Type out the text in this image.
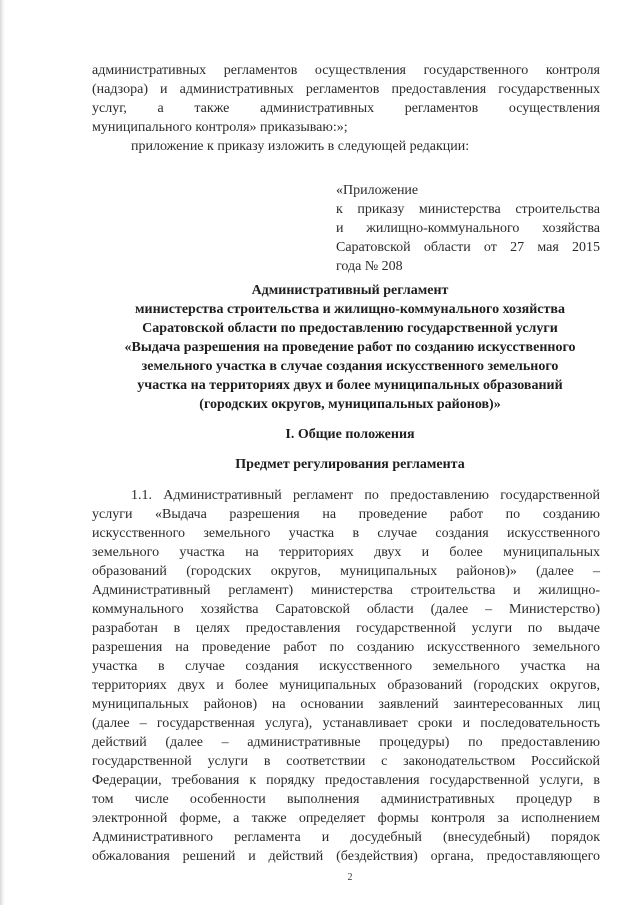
административных регламентов осуществления государственного контроля
(надзора) и административных регламентов предоставления государственных
услуг, а также административных регламентов осуществления
муниципального контроля» приказываю:»;
приложение к приказу изложить в следующей редакции:
«Приложение
к приказу министерства строительства
и жилищно-коммунального хозяйства
Саратовской области от 27 мая 2015
года № 208
Административный регламент
министерства строительства и жилищно-коммунального хозяйства
Саратовской области по предоставлению государственной услуги
«Выдача разрешения на проведение работ по созданию искусственного
земельного участка в случае создания искусственного земельного
участка на территориях двух и более муниципальных образований
(городских округов, муниципальных районов)»
I. Общие положения
Предмет регулирования регламента
1.1. Административный регламент по предоставлению государственной
услуги «Выдача разрешения на проведение работ по созданию
искусственного земельного участка в случае создания искусственного
земельного участка на территориях двух и более муниципальных
образований (городских округов, муниципальных районов)» (далее –
Административный регламент) министерства строительства и жилищно-
коммунального хозяйства Саратовской области (далее – Министерство)
разработан в целях предоставления государственной услуги по выдаче
разрешения на проведение работ по созданию искусственного земельного
участка в случае создания искусственного земельного участка на
территориях двух и более муниципальных образований (городских округов,
муниципальных районов) на основании заявлений заинтересованных лиц
(далее – государственная услуга), устанавливает сроки и последовательность
действий (далее – административные процедуры) по предоставлению
государственной услуги в соответствии с законодательством Российской
Федерации, требования к порядку предоставления государственной услуги, в
том числе особенности выполнения административных процедур в
электронной форме, а также определяет формы контроля за исполнением
Административного регламента и досудебный (внесудебный) порядок
обжалования решений и действий (бездействия) органа, предоставляющего
2
